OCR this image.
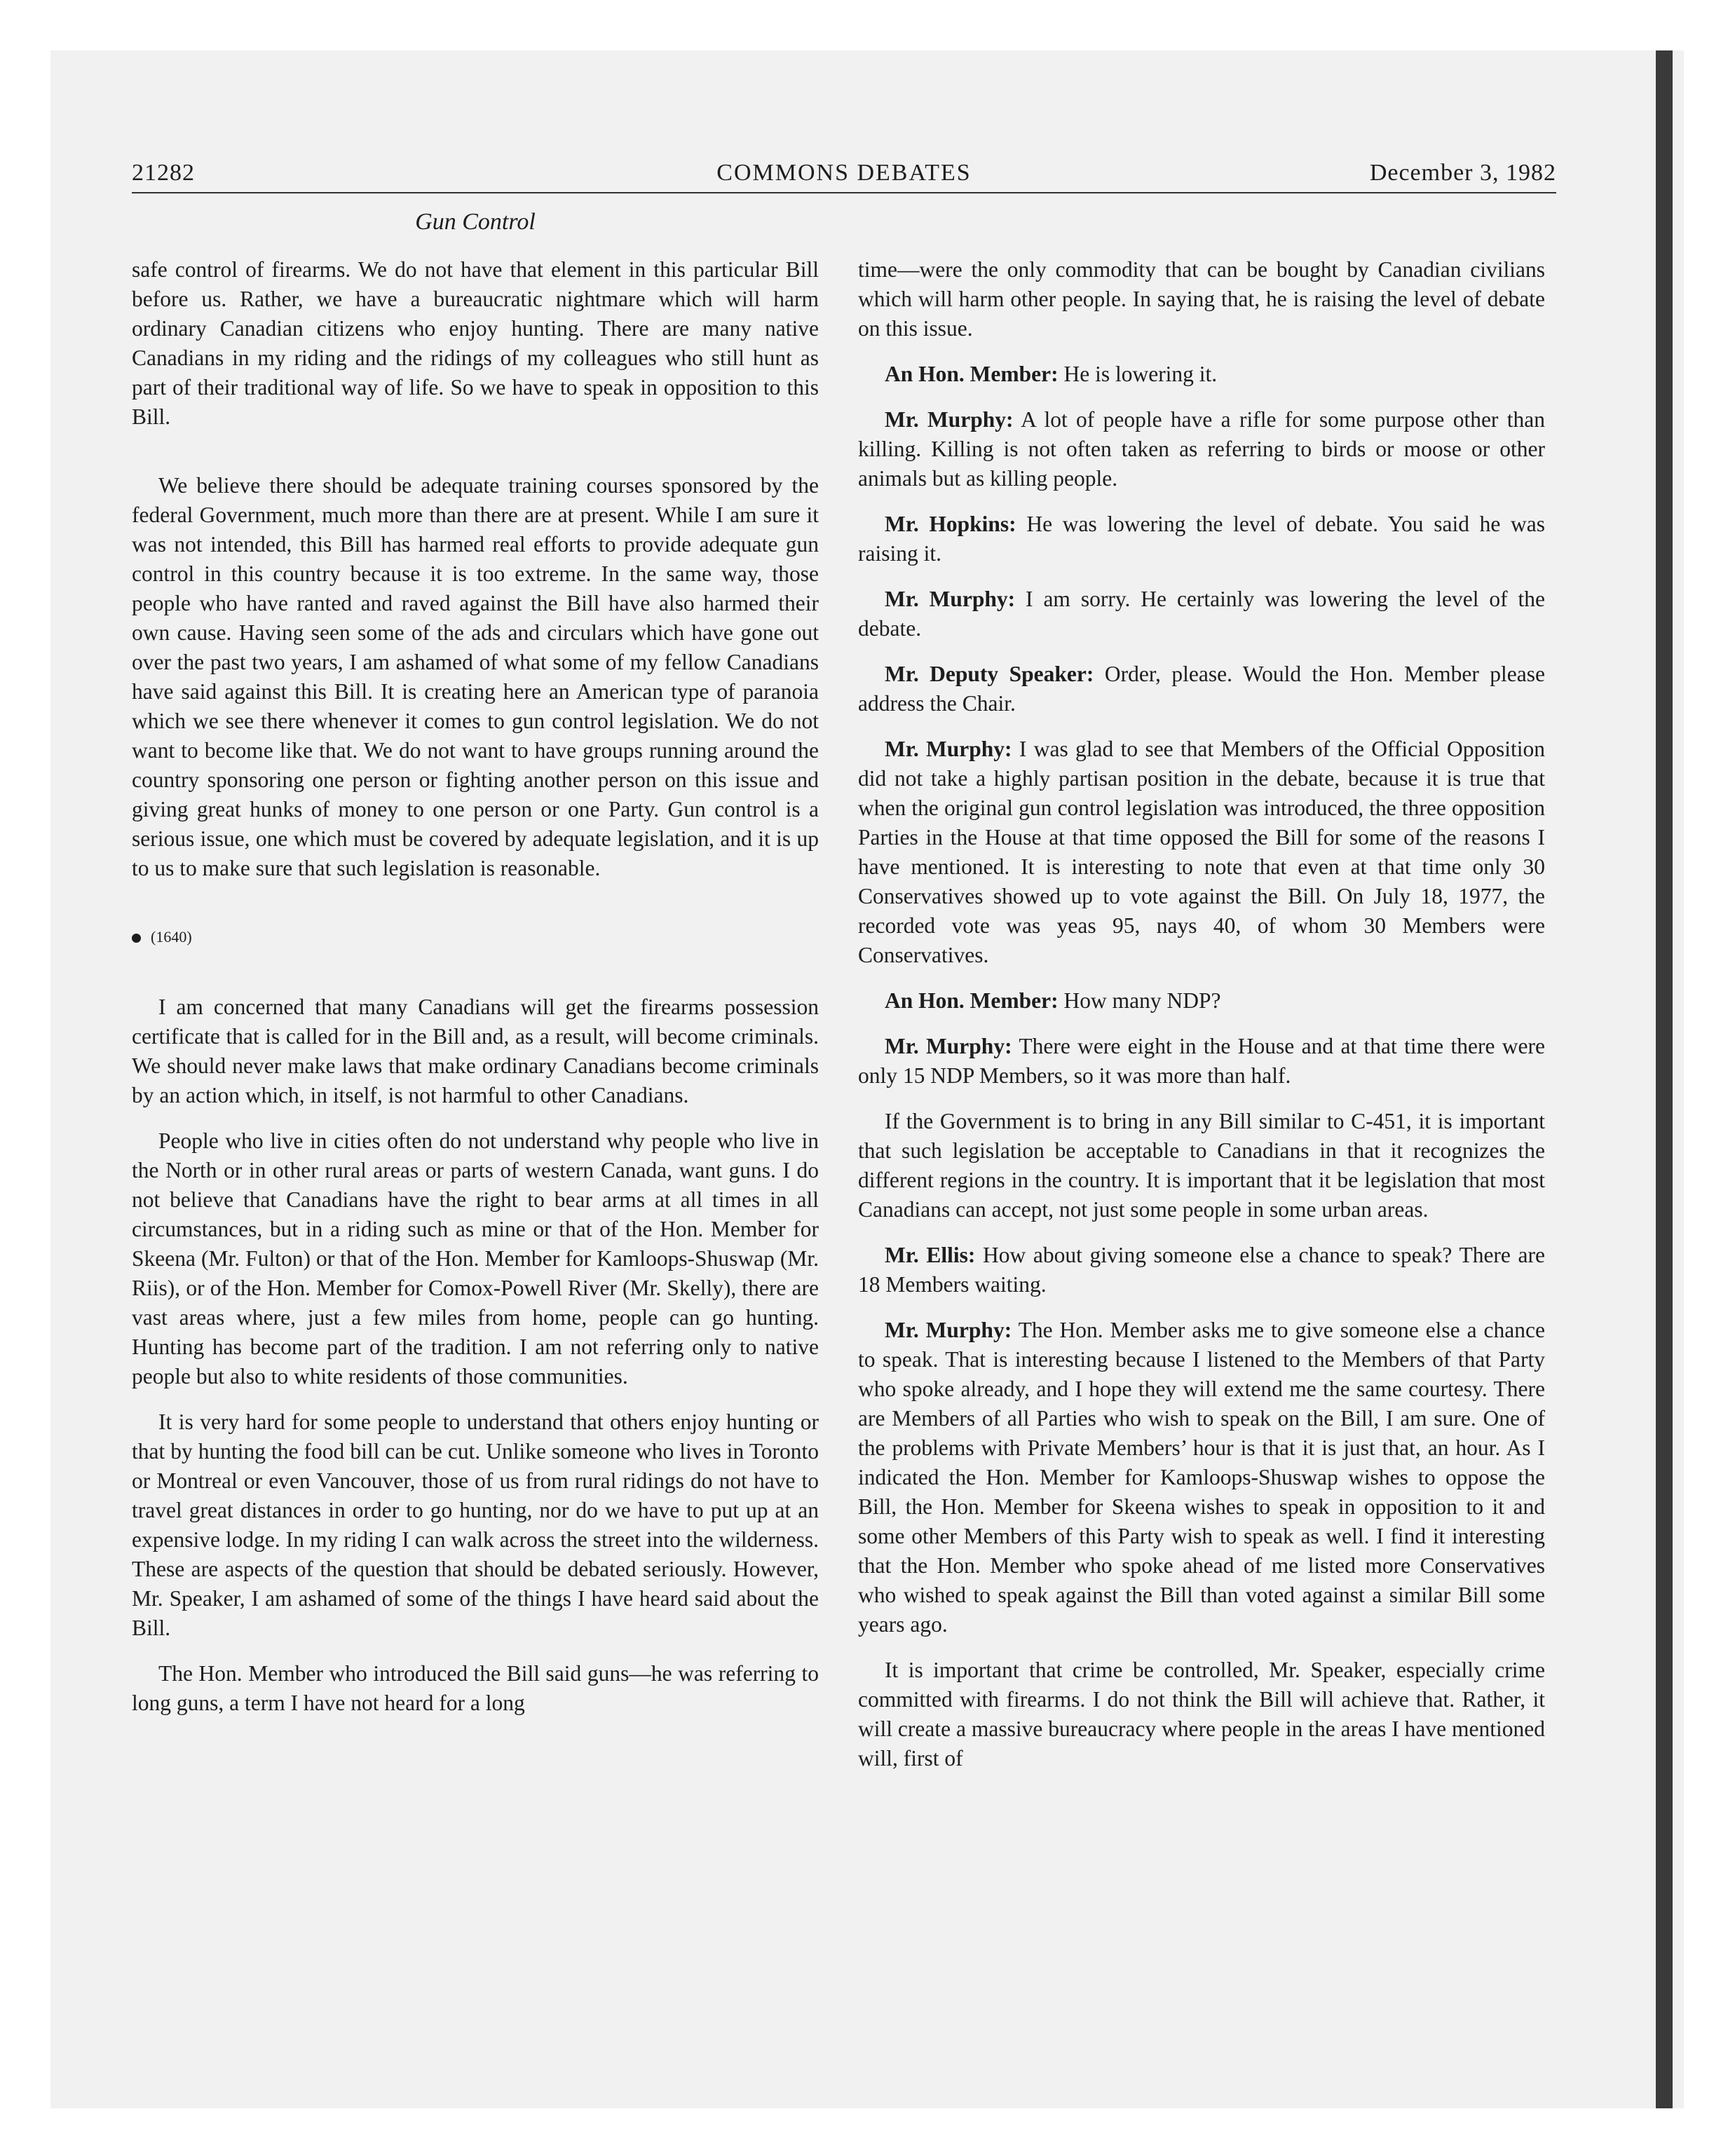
21282	COMMONS DEBATES	December 3, 1982
Gun Control

safe control of firearms. We do not have that element in this particular Bill before us. Rather, we have a bureaucratic nightmare which will harm ordinary Canadian citizens who enjoy hunting. There are many native Canadians in my riding and the ridings of my colleagues who still hunt as part of their traditional way of life. So we have to speak in opposition to this Bill.

We believe there should be adequate training courses sponsored by the federal Government, much more than there are at present. While I am sure it was not intended, this Bill has harmed real efforts to provide adequate gun control in this country because it is too extreme. In the same way, those people who have ranted and raved against the Bill have also harmed their own cause. Having seen some of the ads and circulars which have gone out over the past two years, I am ashamed of what some of my fellow Canadians have said against this Bill. It is creating here an American type of paranoia which we see there whenever it comes to gun control legislation. We do not want to become like that. We do not want to have groups running around the country sponsoring one person or fighting another person on this issue and giving great hunks of money to one person or one Party. Gun control is a serious issue, one which must be covered by adequate legislation, and it is up to us to make sure that such legislation is reasonable.

(1640)

I am concerned that many Canadians will get the firearms possession certificate that is called for in the Bill and, as a result, will become criminals. We should never make laws that make ordinary Canadians become criminals by an action which, in itself, is not harmful to other Canadians.

People who live in cities often do not understand why people who live in the North or in other rural areas or parts of western Canada, want guns. I do not believe that Canadians have the right to bear arms at all times in all circumstances, but in a riding such as mine or that of the Hon. Member for Skeena (Mr. Fulton) or that of the Hon. Member for Kamloops-Shuswap (Mr. Riis), or of the Hon. Member for Comox-Powell River (Mr. Skelly), there are vast areas where, just a few miles from home, people can go hunting. Hunting has become part of the tradition. I am not referring only to native people but also to white residents of those communities.

It is very hard for some people to understand that others enjoy hunting or that by hunting the food bill can be cut. Unlike someone who lives in Toronto or Montreal or even Vancouver, those of us from rural ridings do not have to travel great distances in order to go hunting, nor do we have to put up at an expensive lodge. In my riding I can walk across the street into the wilderness. These are aspects of the question that should be debated seriously. However, Mr. Speaker, I am ashamed of some of the things I have heard said about the Bill.

The Hon. Member who introduced the Bill said guns—he was referring to long guns, a term I have not heard for a long

time—were the only commodity that can be bought by Canadian civilians which will harm other people. In saying that, he is raising the level of debate on this issue.

An Hon. Member: He is lowering it.

Mr. Murphy: A lot of people have a rifle for some purpose other than killing. Killing is not often taken as referring to birds or moose or other animals but as killing people.

Mr. Hopkins: He was lowering the level of debate. You said he was raising it.

Mr. Murphy: I am sorry. He certainly was lowering the level of the debate.

Mr. Deputy Speaker: Order, please. Would the Hon. Member please address the Chair.

Mr. Murphy: I was glad to see that Members of the Official Opposition did not take a highly partisan position in the debate, because it is true that when the original gun control legislation was introduced, the three opposition Parties in the House at that time opposed the Bill for some of the reasons I have mentioned. It is interesting to note that even at that time only 30 Conservatives showed up to vote against the Bill. On July 18, 1977, the recorded vote was yeas 95, nays 40, of whom 30 Members were Conservatives.

An Hon. Member: How many NDP?

Mr. Murphy: There were eight in the House and at that time there were only 15 NDP Members, so it was more than half.

If the Government is to bring in any Bill similar to C-451, it is important that such legislation be acceptable to Canadians in that it recognizes the different regions in the country. It is important that it be legislation that most Canadians can accept, not just some people in some urban areas.

Mr. Ellis: How about giving someone else a chance to speak? There are 18 Members waiting.

Mr. Murphy: The Hon. Member asks me to give someone else a chance to speak. That is interesting because I listened to the Members of that Party who spoke already, and I hope they will extend me the same courtesy. There are Members of all Parties who wish to speak on the Bill, I am sure. One of the problems with Private Members’ hour is that it is just that, an hour. As I indicated the Hon. Member for Kamloops-Shuswap wishes to oppose the Bill, the Hon. Member for Skeena wishes to speak in opposition to it and some other Members of this Party wish to speak as well. I find it interesting that the Hon. Member who spoke ahead of me listed more Conservatives who wished to speak against the Bill than voted against a similar Bill some years ago.

It is important that crime be controlled, Mr. Speaker, especially crime committed with firearms. I do not think the Bill will achieve that. Rather, it will create a massive bureaucracy where people in the areas I have mentioned will, first of
